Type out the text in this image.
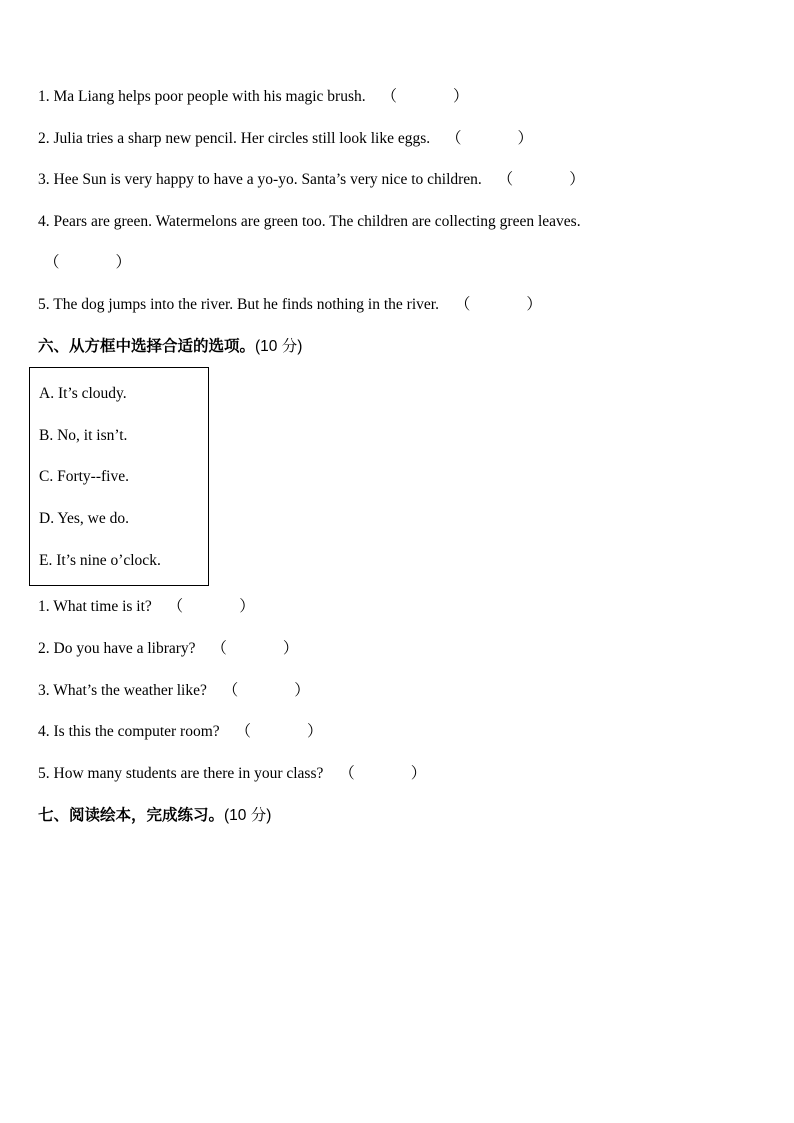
1. Ma Liang helps poor people with his magic brush. （	）
2. Julia tries a sharp new pencil. Her circles still look like eggs. （	）
3. Hee Sun is very happy to have a yo-yo. Santa’s very nice to children. （	）
4. Pears are green. Watermelons are green too. The children are collecting green leaves.
（	）
5. The dog jumps into the river. But he finds nothing in the river. （	）
六、从方框中选择合适的选项。(10 分)
A. It’s cloudy.
B. No, it isn’t.
C. Forty--five.
D. Yes, we do.
E. It’s nine o’clock.
1. What time is it? （	）
2. Do you have a library? （	）
3. What’s the weather like? （	）
4. Is this the computer room? （	）
5. How many students are there in your class? （	）
七、阅读绘本，完成练习。(10 分)
